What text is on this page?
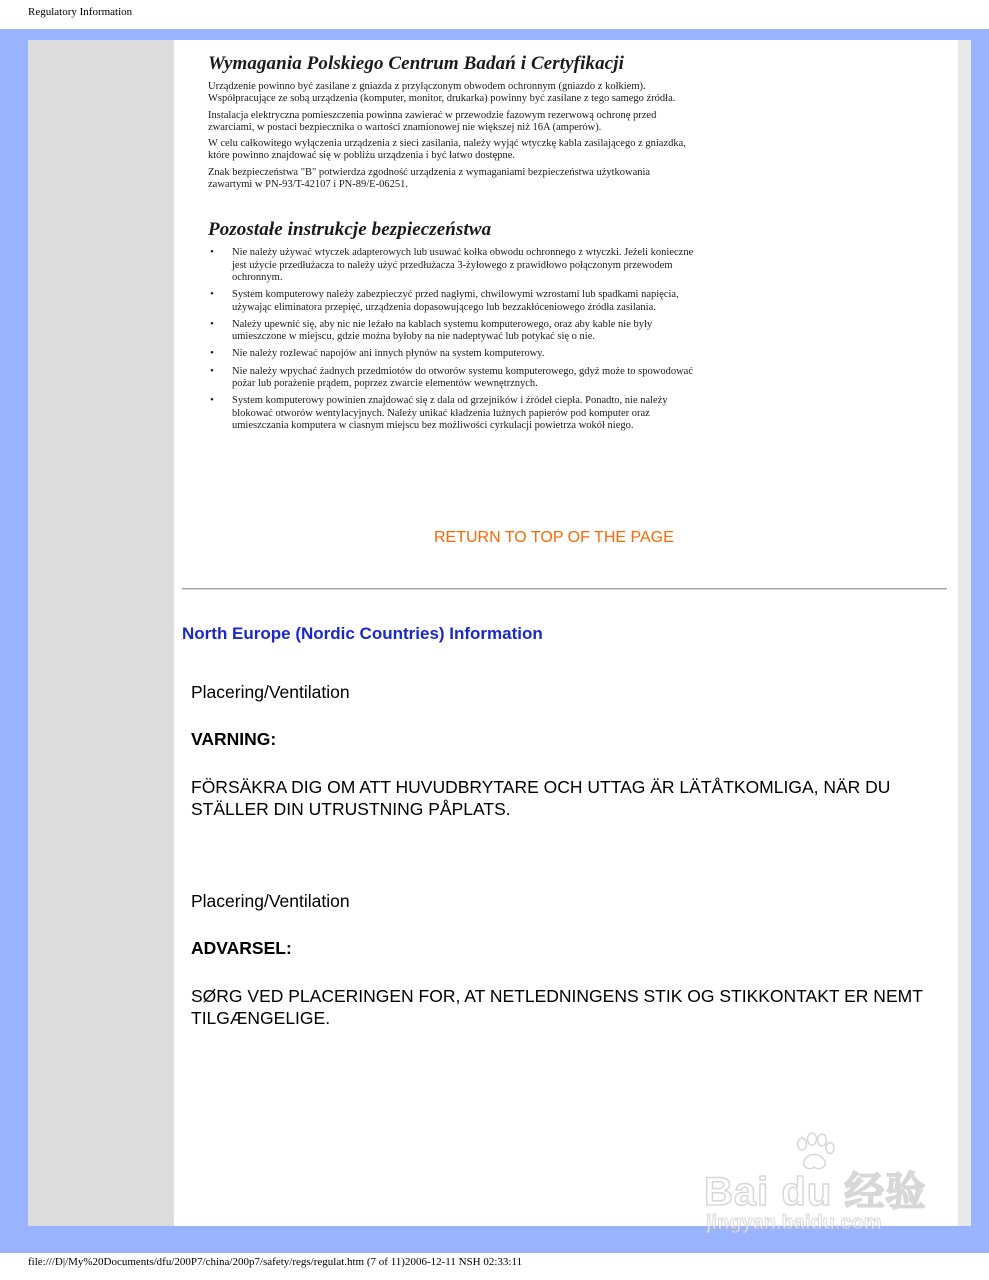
Regulatory Information
Wymagania Polskiego Centrum Badań i Certyfikacji

Urządzenie powinno być zasilane z gniazda z przyłączonym obwodem ochronnym (gniazdo z kołkiem). Współpracujące ze sobą urządzenia (komputer, monitor, drukarka) powinny być zasilane z tego samego źródła.

Instalacja elektryczna pomieszczenia powinna zawierać w przewodzie fazowym rezerwową ochronę przed zwarciami, w postaci bezpiecznika o wartości znamionowej nie większej niż 16A (amperów).

W celu całkowitego wyłączenia urządzenia z sieci zasilania, należy wyjąć wtyczkę kabla zasilającego z gniazdka, które powinno znajdować się w pobliżu urządzenia i być łatwo dostępne.

Znak bezpieczeństwa "B" potwierdza zgodność urządzenia z wymaganiami bezpieczeństwa użytkowania zawartymi w PN-93/T-42107 i PN-89/E-06251.

Pozostałe instrukcje bezpieczeństwa
• Nie należy używać wtyczek adapterowych lub usuwać kołka obwodu ochronnego z wtyczki. Jeżeli konieczne jest użycie przedłużacza to należy użyć przedłużacza 3-żyłowego z prawidłowo połączonym przewodem ochronnym.
• System komputerowy należy zabezpieczyć przed nagłymi, chwilowymi wzrostami lub spadkami napięcia, używając eliminatora przepięć, urządzenia dopasowującego lub bezzakłóceniowego źródła zasilania.
• Należy upewnić się, aby nic nie leżało na kablach systemu komputerowego, oraz aby kable nie były umieszczone w miejscu, gdzie można byłoby na nie nadeptywać lub potykać się o nie.
• Nie należy rozlewać napojów ani innych płynów na system komputerowy.
• Nie należy wpychać żadnych przedmiotów do otworów systemu komputerowego, gdyż może to spowodować pożar lub porażenie prądem, poprzez zwarcie elementów wewnętrznych.
• System komputerowy powinien znajdować się z dala od grzejników i źródeł ciepła. Ponadto, nie należy blokować otworów wentylacyjnych. Należy unikać kładzenia luźnych papierów pod komputer oraz umieszczania komputera w ciasnym miejscu bez możliwości cyrkulacji powietrza wokół niego.
RETURN TO TOP OF THE PAGE
North Europe (Nordic Countries) Information
Placering/Ventilation
VARNING:
FÖRSÄKRA DIG OM ATT HUVUDBRYTARE OCH UTTAG ÄR LÄTÅTKOMLIGA, NÄR DU STÄLLER DIN UTRUSTNING PÅPLATS.
Placering/Ventilation
ADVARSEL:
SØRG VED PLACERINGEN FOR, AT NETLEDNINGENS STIK OG STIKKONTAKT ER NEMT TILGÆNGELIGE.
Bai du 经验
jingyan.baidu.com
file:///D|/My%20Documents/dfu/200P7/china/200p7/safety/regs/regulat.htm (7 of 11)2006-12-11 NSH 02:33:11
